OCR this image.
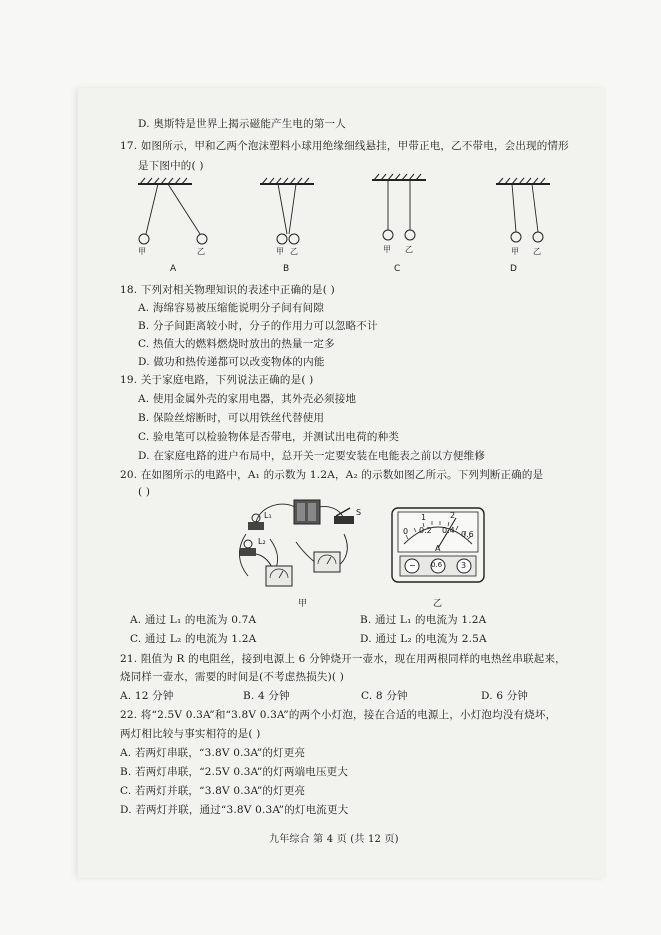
D. 奥斯特是世界上揭示磁能产生电的第一人
17. 如图所示，甲和乙两个泡沫塑料小球用绝缘细线悬挂，甲带正电，乙不带电，会出现的情形
是下图中的( )
甲	乙	甲 乙	甲 乙	甲 乙
A	B	C	D
18. 下列对相关物理知识的表述中正确的是( )
A. 海绵容易被压缩能说明分子间有间隙
B. 分子间距离较小时，分子的作用力可以忽略不计
C. 热值大的燃料燃烧时放出的热量一定多
D. 做功和热传递都可以改变物体的内能
19. 关于家庭电路，下列说法正确的是( )
A. 使用金属外壳的家用电器，其外壳必须接地
B. 保险丝熔断时，可以用铁丝代替使用
C. 验电笔可以检验物体是否带电，并测试出电荷的种类
D. 在家庭电路的进户布局中，总开关一定要安装在电能表之前以方便维修
20. 在如图所示的电路中，A₁ 的示数为 1.2A，A₂ 的示数如图乙所示。下列判断正确的是
( )
L₁
L₂
S
甲
1	2
0 0.2 0.4 0.6
A
− 0.6 3
乙
A. 通过 L₁ 的电流为 0.7A	B. 通过 L₁ 的电流为 1.2A
C. 通过 L₂ 的电流为 1.2A	D. 通过 L₂ 的电流为 2.5A
21. 阻值为 R 的电阻丝，接到电源上 6 分钟烧开一壶水，现在用两根同样的电热丝串联起来，
烧同样一壶水，需要的时间是(不考虑热损失)( )
A. 12 分钟	B. 4 分钟	C. 8 分钟	D. 6 分钟
22. 将“2.5V 0.3A”和“3.8V 0.3A”的两个小灯泡，接在合适的电源上，小灯泡均没有烧坏，
两灯相比较与事实相符的是( )
A. 若两灯串联，“3.8V 0.3A”的灯更亮
B. 若两灯串联，“2.5V 0.3A”的灯两端电压更大
C. 若两灯并联，“3.8V 0.3A”的灯更亮
D. 若两灯并联，通过“3.8V 0.3A”的灯电流更大
九年综合 第 4 页 (共 12 页)
